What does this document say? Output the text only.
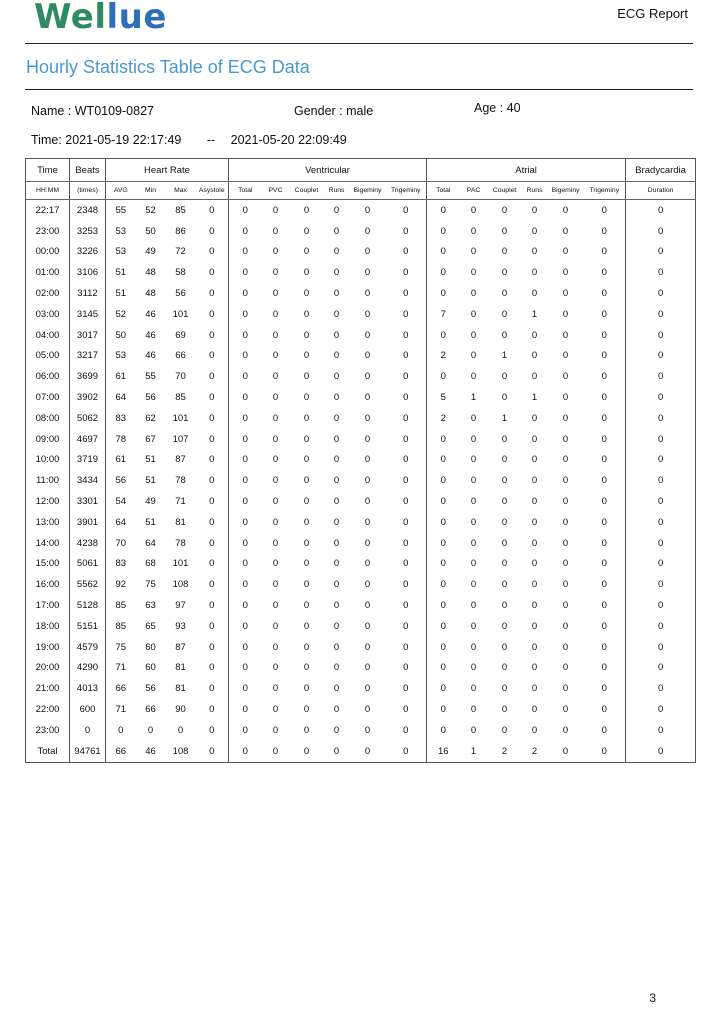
Wellue	ECG Report
Hourly Statistics Table of ECG Data
Name : WT0109-0827	Gender : male	Age : 40
Time: 2021-05-19 22:17:49 -- 2021-05-20 22:09:49
Time	Beats	Heart Rate				Ventricular						Atrial						Bradycardia
HH:MM	(times)	AVG	Min	Max	Asystole	Total	PVC	Couplet	Runs	Bigeminy	Trigeminy	Total	PAC	Couplet	Runs	Bigeminy	Trigeminy	Duration
22:17	2348	55	52	85	0	0	0	0	0	0	0	0	0	0	0	0	0	0
23:00	3253	53	50	86	0	0	0	0	0	0	0	0	0	0	0	0	0	0
00:00	3226	53	49	72	0	0	0	0	0	0	0	0	0	0	0	0	0	0
01:00	3106	51	48	58	0	0	0	0	0	0	0	0	0	0	0	0	0	0
02:00	3112	51	48	56	0	0	0	0	0	0	0	0	0	0	0	0	0	0
03:00	3145	52	46	101	0	0	0	0	0	0	0	7	0	0	1	0	0	0
04:00	3017	50	46	69	0	0	0	0	0	0	0	0	0	0	0	0	0	0
05:00	3217	53	46	66	0	0	0	0	0	0	0	2	0	1	0	0	0	0
06:00	3699	61	55	70	0	0	0	0	0	0	0	0	0	0	0	0	0	0
07:00	3902	64	56	85	0	0	0	0	0	0	0	5	1	0	1	0	0	0
08:00	5062	83	62	101	0	0	0	0	0	0	0	2	0	1	0	0	0	0
09:00	4697	78	67	107	0	0	0	0	0	0	0	0	0	0	0	0	0	0
10:00	3719	61	51	87	0	0	0	0	0	0	0	0	0	0	0	0	0	0
11:00	3434	56	51	78	0	0	0	0	0	0	0	0	0	0	0	0	0	0
12:00	3301	54	49	71	0	0	0	0	0	0	0	0	0	0	0	0	0	0
13:00	3901	64	51	81	0	0	0	0	0	0	0	0	0	0	0	0	0	0
14:00	4238	70	64	78	0	0	0	0	0	0	0	0	0	0	0	0	0	0
15:00	5061	83	68	101	0	0	0	0	0	0	0	0	0	0	0	0	0	0
16:00	5562	92	75	108	0	0	0	0	0	0	0	0	0	0	0	0	0	0
17:00	5128	85	63	97	0	0	0	0	0	0	0	0	0	0	0	0	0	0
18:00	5151	85	65	93	0	0	0	0	0	0	0	0	0	0	0	0	0	0
19:00	4579	75	60	87	0	0	0	0	0	0	0	0	0	0	0	0	0	0
20:00	4290	71	60	81	0	0	0	0	0	0	0	0	0	0	0	0	0	0
21:00	4013	66	56	81	0	0	0	0	0	0	0	0	0	0	0	0	0	0
22:00	600	71	66	90	0	0	0	0	0	0	0	0	0	0	0	0	0	0
23:00	0	0	0	0	0	0	0	0	0	0	0	0	0	0	0	0	0	0
Total	94761	66	46	108	0	0	0	0	0	0	0	16	1	2	2	0	0	0
3
